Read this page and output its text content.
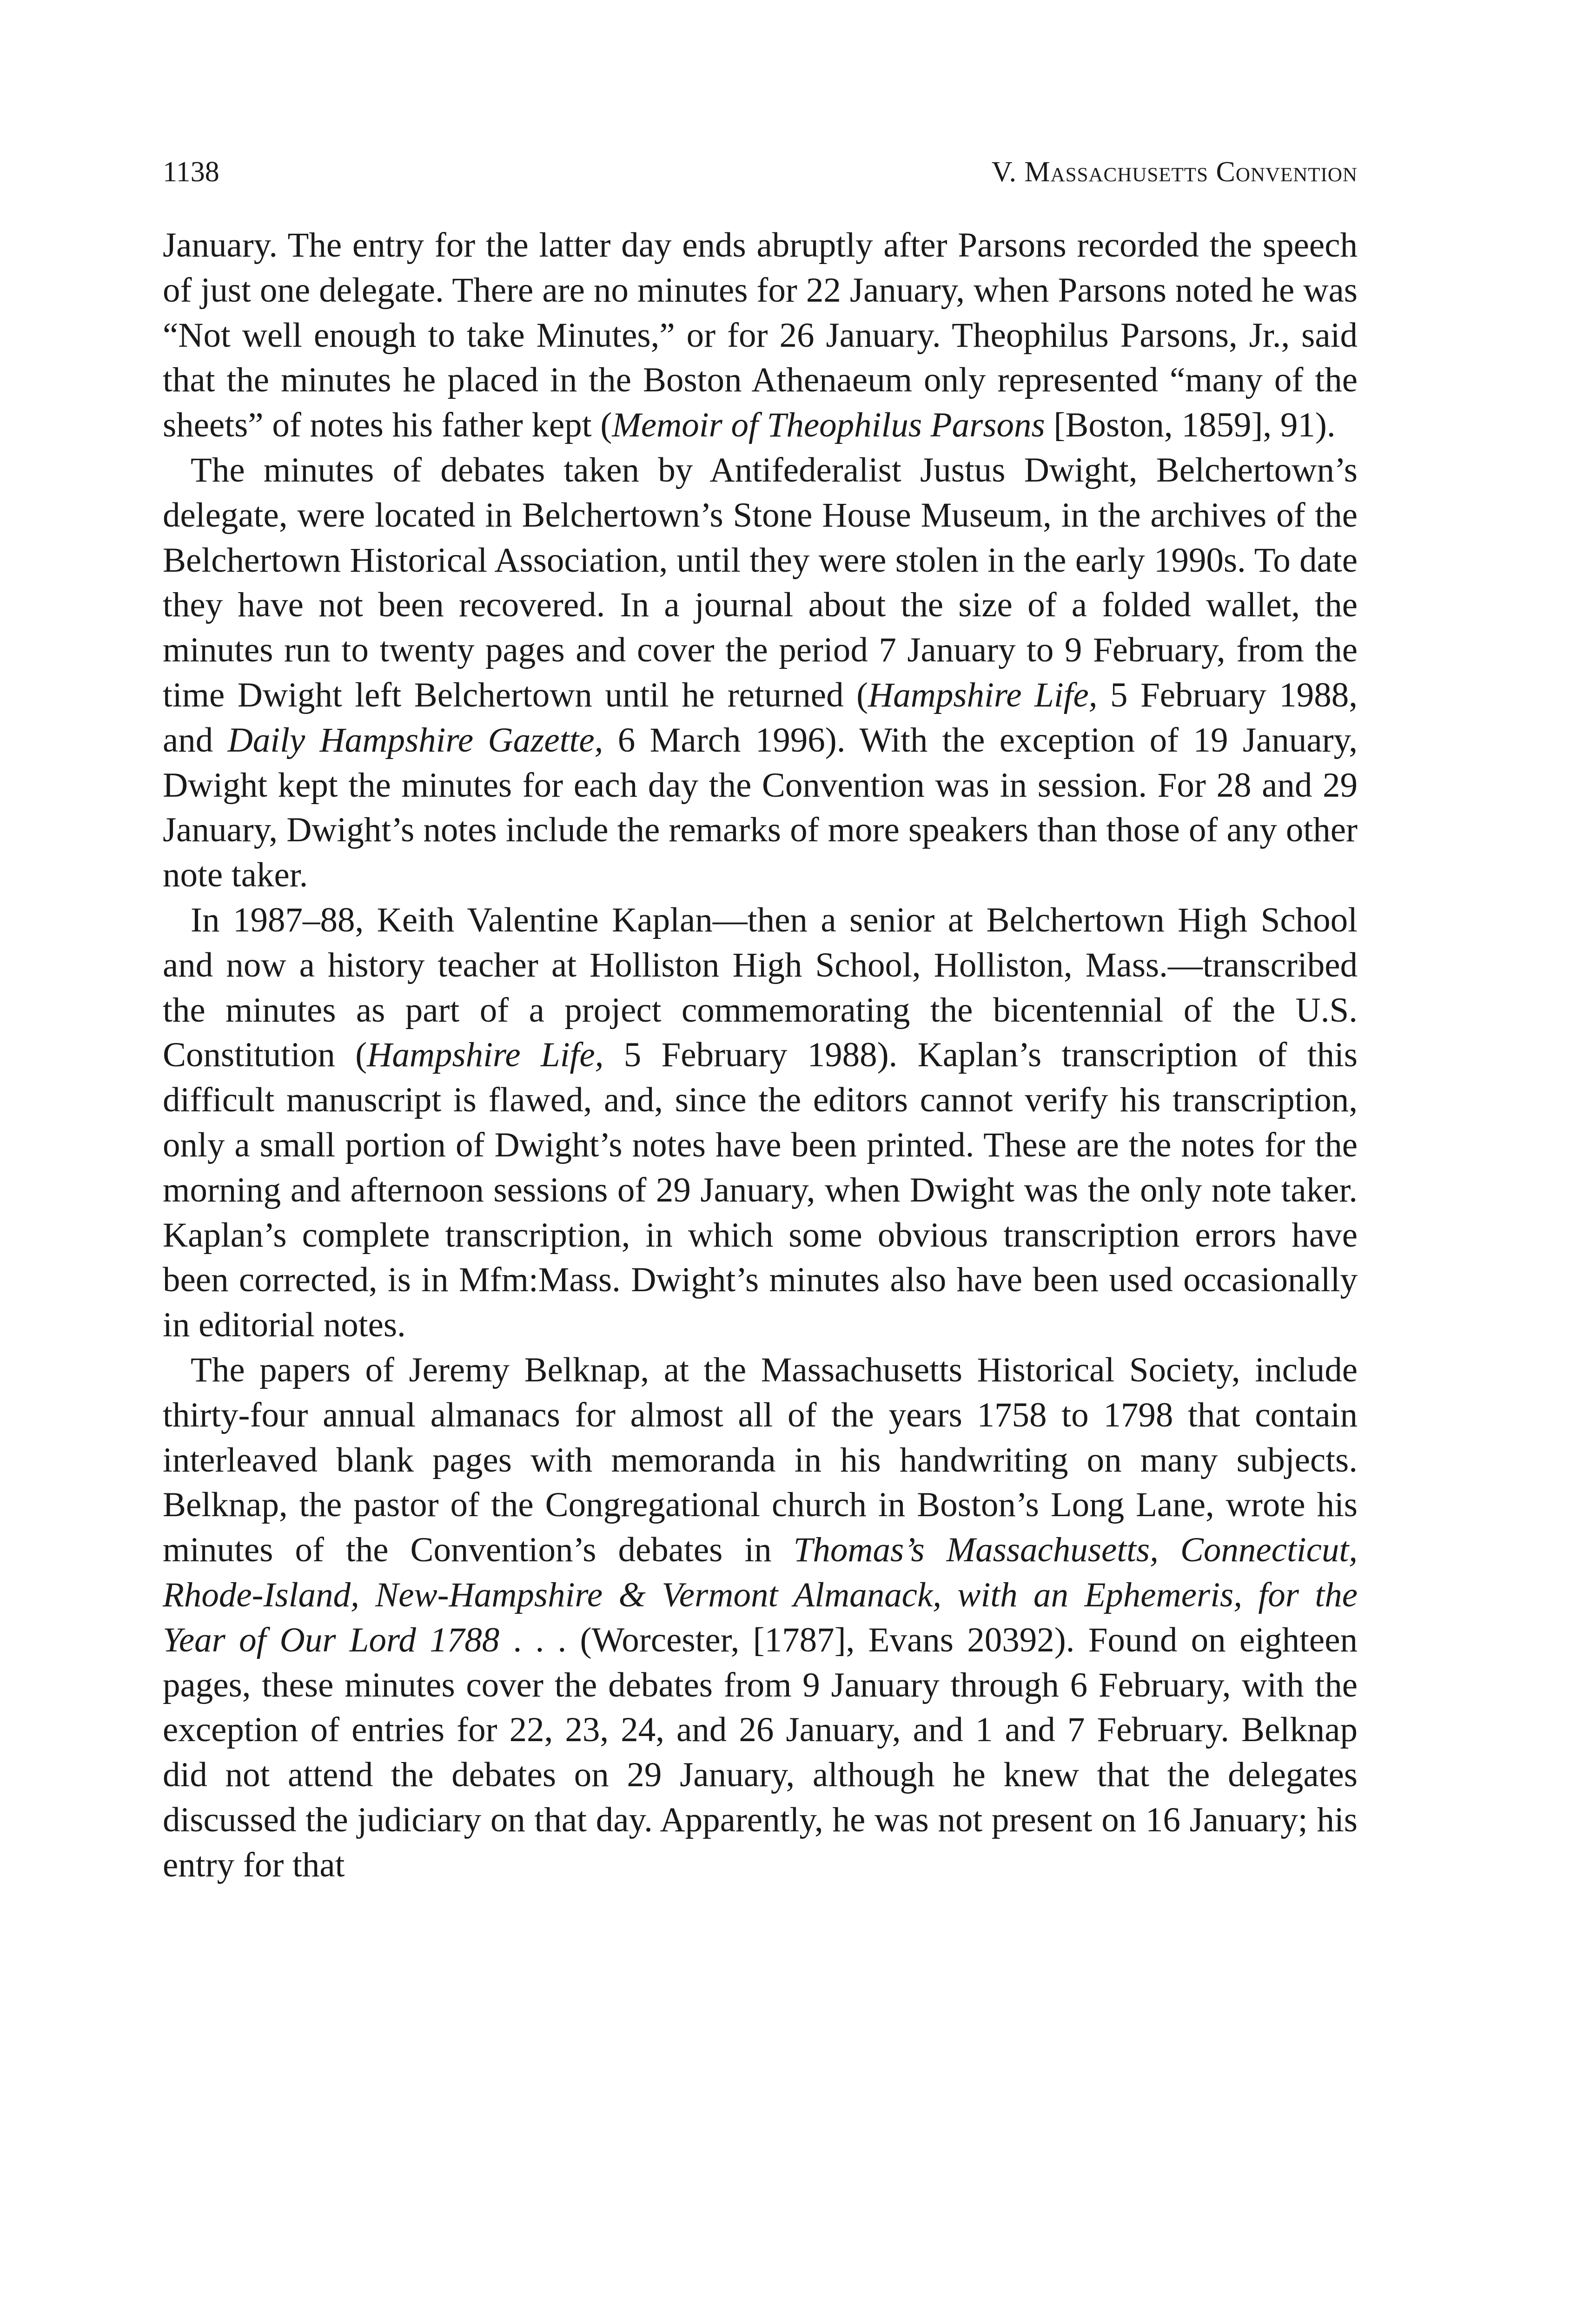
1138	V. Massachusetts Convention

January. The entry for the latter day ends abruptly after Parsons recorded the speech of just one delegate. There are no minutes for 22 January, when Parsons noted he was “Not well enough to take Minutes,” or for 26 January. Theophilus Parsons, Jr., said that the minutes he placed in the Boston Athenaeum only represented “many of the sheets” of notes his father kept (Memoir of Theophilus Parsons [Boston, 1859], 91).

The minutes of debates taken by Antifederalist Justus Dwight, Belchertown’s delegate, were located in Belchertown’s Stone House Museum, in the archives of the Belchertown Historical Association, until they were stolen in the early 1990s. To date they have not been recovered. In a journal about the size of a folded wallet, the minutes run to twenty pages and cover the period 7 January to 9 February, from the time Dwight left Belchertown until he returned (Hampshire Life, 5 February 1988, and Daily Hampshire Gazette, 6 March 1996). With the exception of 19 January, Dwight kept the minutes for each day the Convention was in session. For 28 and 29 January, Dwight’s notes include the remarks of more speakers than those of any other note taker.

In 1987–88, Keith Valentine Kaplan—then a senior at Belchertown High School and now a history teacher at Holliston High School, Holliston, Mass.—transcribed the minutes as part of a project commemorating the bicentennial of the U.S. Constitution (Hampshire Life, 5 February 1988). Kaplan’s transcription of this difficult manuscript is flawed, and, since the editors cannot verify his transcription, only a small portion of Dwight’s notes have been printed. These are the notes for the morning and afternoon sessions of 29 January, when Dwight was the only note taker. Kaplan’s complete transcription, in which some obvious transcription errors have been corrected, is in Mfm:Mass. Dwight’s minutes also have been used occasionally in editorial notes.

The papers of Jeremy Belknap, at the Massachusetts Historical Society, include thirty-four annual almanacs for almost all of the years 1758 to 1798 that contain interleaved blank pages with memoranda in his handwriting on many subjects. Belknap, the pastor of the Congregational church in Boston’s Long Lane, wrote his minutes of the Convention’s debates in Thomas’s Massachusetts, Connecticut, Rhode-Island, New-Hampshire & Vermont Almanack, with an Ephemeris, for the Year of Our Lord 1788 . . . (Worcester, [1787], Evans 20392). Found on eighteen pages, these minutes cover the debates from 9 January through 6 February, with the exception of entries for 22, 23, 24, and 26 January, and 1 and 7 February. Belknap did not attend the debates on 29 January, although he knew that the delegates discussed the judiciary on that day. Apparently, he was not present on 16 January; his entry for that
